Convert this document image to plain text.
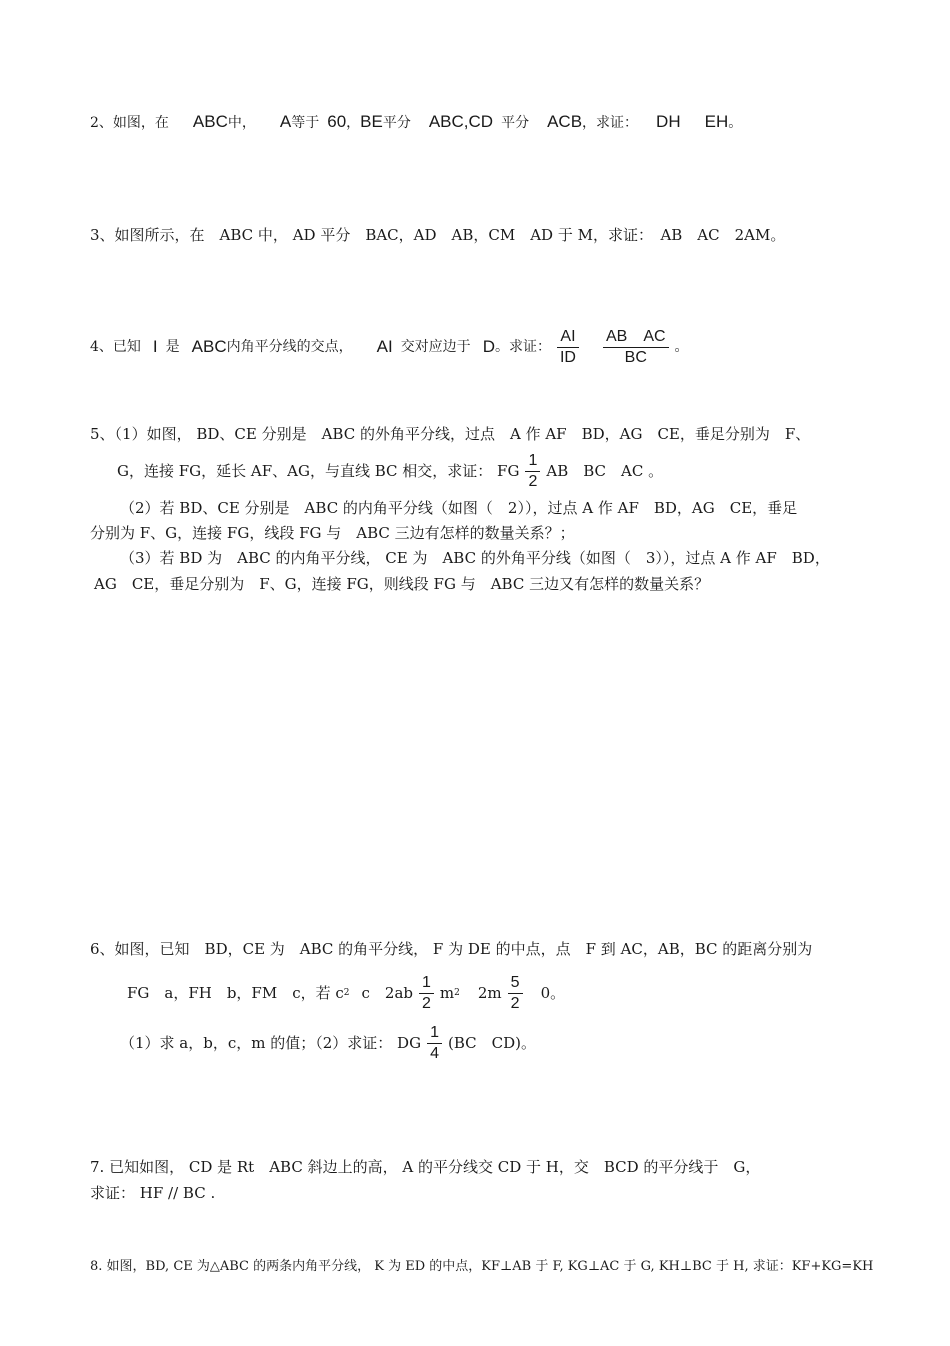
2、如图，在 ABC中， A等于 60，BE平分 ABC,CD 平分 ACB，求证： DH EH。
3、如图所示，在　ABC 中， AD 平分　BAC，AD　AB，CM　AD 于 M，求证：　AB　AC　2AM。
4、已知 I 是 ABC 内角平分线的交点， AI 交对应边于 D 。求证： $\frac{AI}{ID} \frac{\text{AB　AC}}{BC}$ 。
5、（1）如图， BD、CE 分别是　ABC 的外角平分线，过点　A 作 AF　BD，AG　CE，垂足分别为　F、
G，连接 FG，延长 AF、AG，与直线 BC 相交，求证： FG $\frac{1}{2}$ AB　BC　AC 。
（2）若 BD、CE 分别是　ABC 的内角平分线（如图（　2）），过点 A 作 AF　BD，AG　CE，垂足
分别为 F、G，连接 FG，线段 FG 与　ABC 三边有怎样的数量关系？；
（3）若 BD 为　ABC 的内角平分线， CE 为　ABC 的外角平分线（如图（　3）），过点 A 作 AF　BD，
AG　CE，垂足分别为　F、G，连接 FG，则线段 FG 与　ABC 三边又有怎样的数量关系？
6、如图，已知　BD，CE 为　ABC 的角平分线， F 为 DE 的中点，点　F 到 AC，AB，BC 的距离分别为
FG　a，FH　b，FM　c，若 c 2 c　$2ab \frac{1}{2}$ m 2 $2m \frac{5}{2} 0$。
（1）求 a，b，c，m 的值；（2）求证： DG $\frac{1}{4} (BC$　CD)。
7. 已知如图， CD 是 Rt　ABC 斜边上的高， A 的平分线交 CD 于 H，交　BCD 的平分线于　G，
求证： HF // BC .
8. 如图，BD, CE 为△ABC 的两条内角平分线， K 为 ED 的中点，KF⊥AB 于 F, KG⊥AC 于 G, KH⊥BC 于 H, 求证：KF+KG=KH
